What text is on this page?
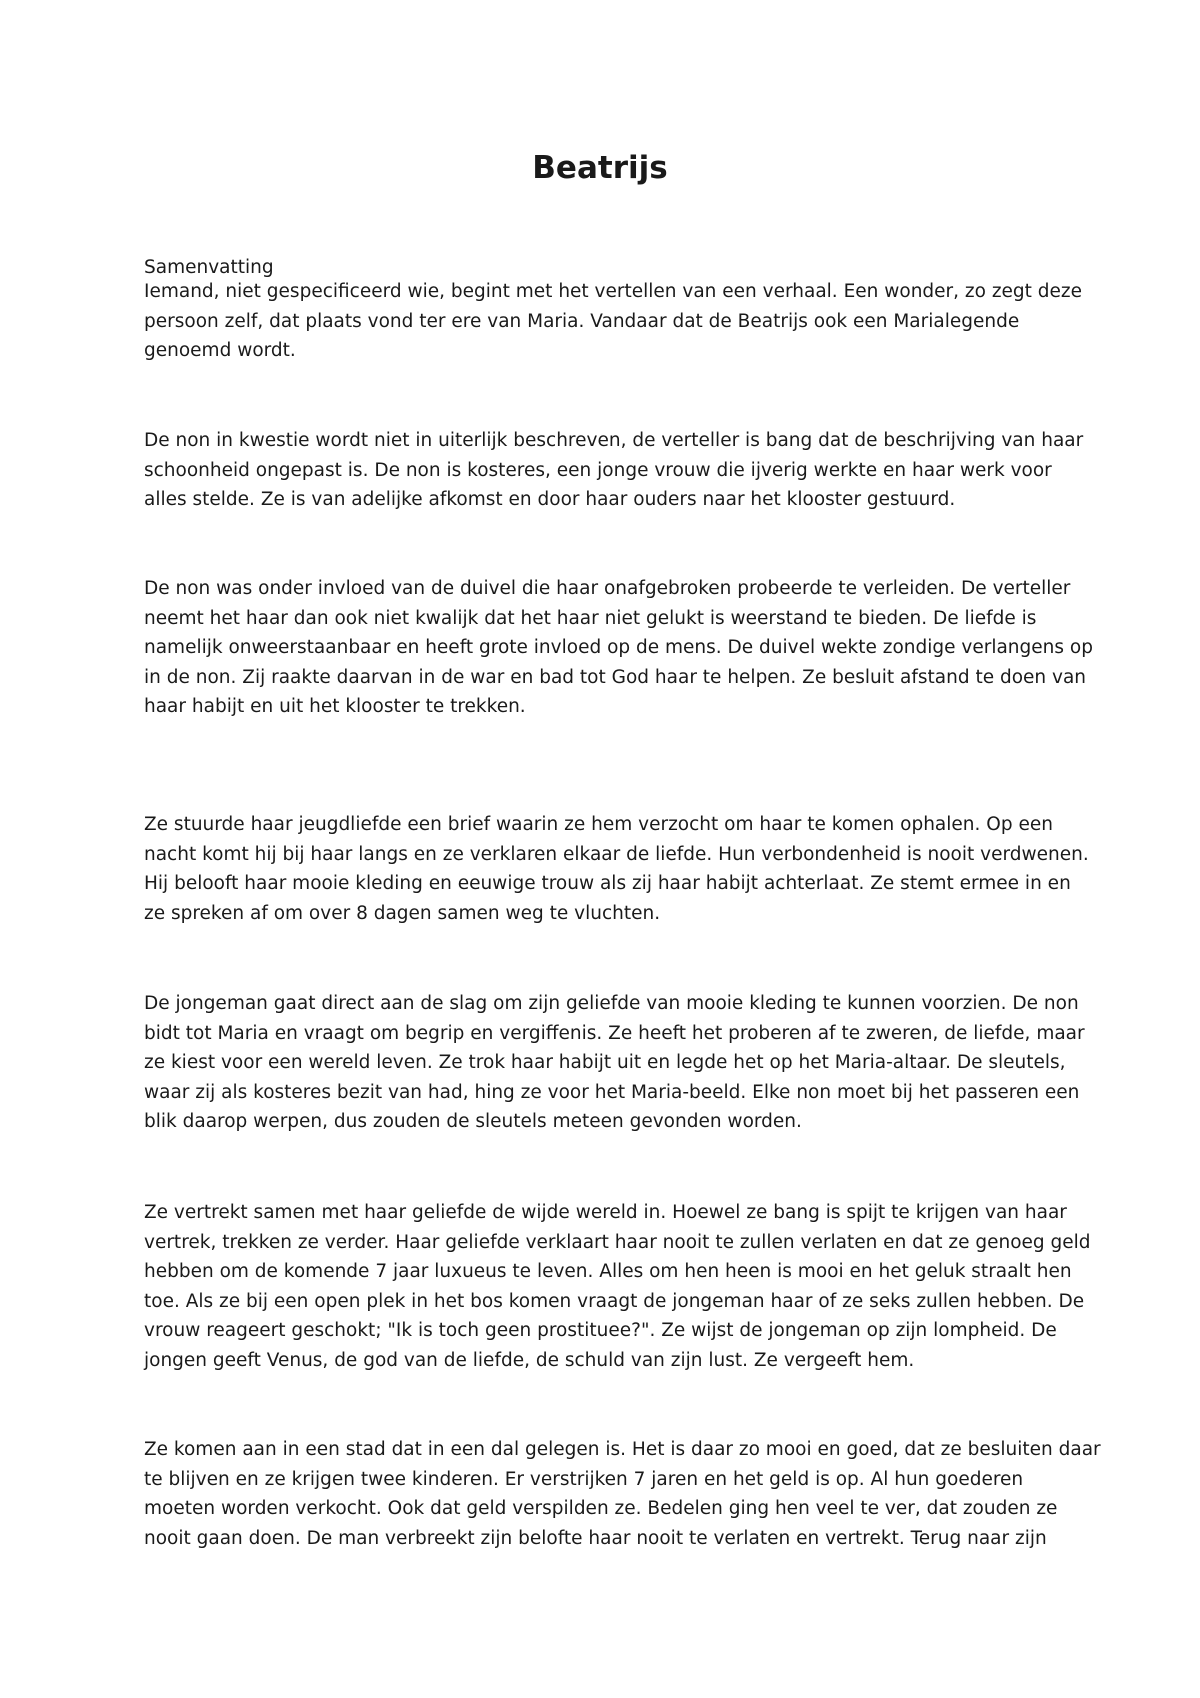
Beatrijs
Samenvatting
Iemand, niet gespecificeerd wie, begint met het vertellen van een verhaal. Een wonder, zo zegt deze
persoon zelf, dat plaats vond ter ere van Maria. Vandaar dat de Beatrijs ook een Marialegende
genoemd wordt.
De non in kwestie wordt niet in uiterlijk beschreven, de verteller is bang dat de beschrijving van haar
schoonheid ongepast is. De non is kosteres, een jonge vrouw die ijverig werkte en haar werk voor
alles stelde. Ze is van adelijke afkomst en door haar ouders naar het klooster gestuurd.
De non was onder invloed van de duivel die haar onafgebroken probeerde te verleiden. De verteller
neemt het haar dan ook niet kwalijk dat het haar niet gelukt is weerstand te bieden. De liefde is
namelijk onweerstaanbaar en heeft grote invloed op de mens. De duivel wekte zondige verlangens op
in de non. Zij raakte daarvan in de war en bad tot God haar te helpen. Ze besluit afstand te doen van
haar habijt en uit het klooster te trekken.
Ze stuurde haar jeugdliefde een brief waarin ze hem verzocht om haar te komen ophalen. Op een
nacht komt hij bij haar langs en ze verklaren elkaar de liefde. Hun verbondenheid is nooit verdwenen.
Hij belooft haar mooie kleding en eeuwige trouw als zij haar habijt achterlaat. Ze stemt ermee in en
ze spreken af om over 8 dagen samen weg te vluchten.
De jongeman gaat direct aan de slag om zijn geliefde van mooie kleding te kunnen voorzien. De non
bidt tot Maria en vraagt om begrip en vergiffenis. Ze heeft het proberen af te zweren, de liefde, maar
ze kiest voor een wereld leven. Ze trok haar habijt uit en legde het op het Maria-altaar. De sleutels,
waar zij als kosteres bezit van had, hing ze voor het Maria-beeld. Elke non moet bij het passeren een
blik daarop werpen, dus zouden de sleutels meteen gevonden worden.
Ze vertrekt samen met haar geliefde de wijde wereld in. Hoewel ze bang is spijt te krijgen van haar
vertrek, trekken ze verder. Haar geliefde verklaart haar nooit te zullen verlaten en dat ze genoeg geld
hebben om de komende 7 jaar luxueus te leven. Alles om hen heen is mooi en het geluk straalt hen
toe. Als ze bij een open plek in het bos komen vraagt de jongeman haar of ze seks zullen hebben. De
vrouw reageert geschokt; "Ik is toch geen prostituee?". Ze wijst de jongeman op zijn lompheid. De
jongen geeft Venus, de god van de liefde, de schuld van zijn lust. Ze vergeeft hem.
Ze komen aan in een stad dat in een dal gelegen is. Het is daar zo mooi en goed, dat ze besluiten daar
te blijven en ze krijgen twee kinderen. Er verstrijken 7 jaren en het geld is op. Al hun goederen
moeten worden verkocht. Ook dat geld verspilden ze. Bedelen ging hen veel te ver, dat zouden ze
nooit gaan doen. De man verbreekt zijn belofte haar nooit te verlaten en vertrekt. Terug naar zijn
